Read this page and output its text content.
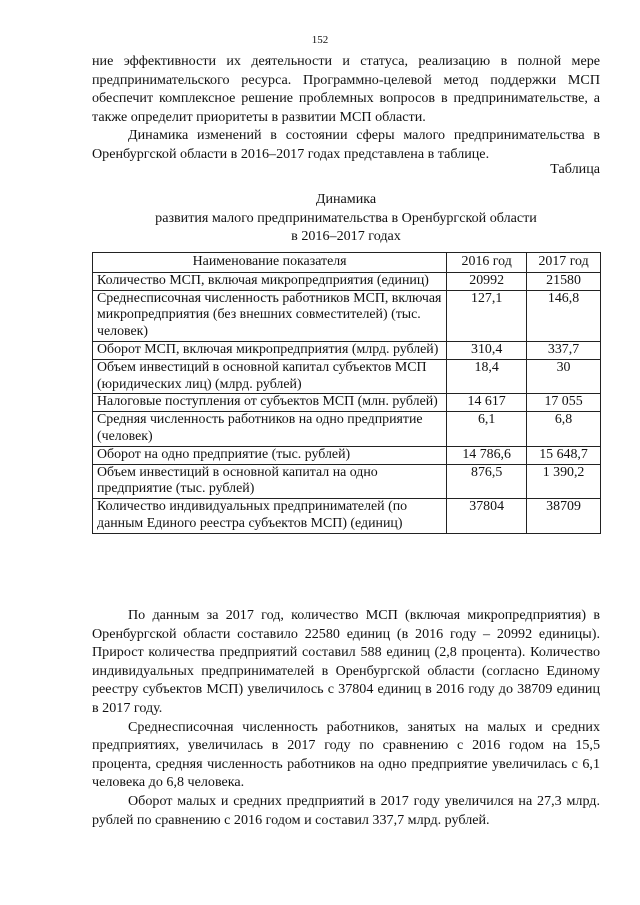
152

ние эффективности их деятельности и статуса, реализацию в полной мере предпринимательского ресурса. Программно-целевой метод поддержки МСП обеспечит комплексное решение проблемных вопросов в предпринимательстве, а также определит приоритеты в развитии МСП области.

Динамика изменений в состоянии сферы малого предпринимательства в Оренбургской области в 2016–2017 годах представлена в таблице.

Таблица
Динамика
развития малого предпринимательства в Оренбургской области
в 2016–2017 годах
Наименование показателя	2016 год	2017 год
Количество МСП, включая микропредприятия (единиц)	20992	21580
Среднесписочная численность работников МСП, включая микропредприятия (без внешних совместителей) (тыс. человек)	127,1	146,8
Оборот МСП, включая микропредприятия (млрд. рублей)	310,4	337,7
Объем инвестиций в основной капитал субъектов МСП (юридических лиц) (млрд. рублей)	18,4	30
Налоговые поступления от субъектов МСП (млн. рублей)	14 617	17 055
Средняя численность работников на одно предприятие (человек)	6,1	6,8
Оборот на одно предприятие (тыс. рублей)	14 786,6	15 648,7
Объем инвестиций в основной капитал на одно предприятие (тыс. рублей)	876,5	1 390,2
Количество индивидуальных предпринимателей (по данным Единого реестра субъектов МСП) (единиц)	37804	38709

По данным за 2017 год, количество МСП (включая микропредприятия) в Оренбургской области составило 22580 единиц (в 2016 году – 20992 единицы). Прирост количества предприятий составил 588 единиц (2,8 процента). Количество индивидуальных предпринимателей в Оренбургской области (согласно Единому реестру субъектов МСП) увеличилось с 37804 единиц в 2016 году до 38709 единиц в 2017 году.

Среднесписочная численность работников, занятых на малых и средних предприятиях, увеличилась в 2017 году по сравнению с 2016 годом на 15,5 процента, средняя численность работников на одно предприятие увеличилась с 6,1 человека до 6,8 человека.

Оборот малых и средних предприятий в 2017 году увеличился на 27,3 млрд. рублей по сравнению с 2016 годом и составил 337,7 млрд. рублей.
